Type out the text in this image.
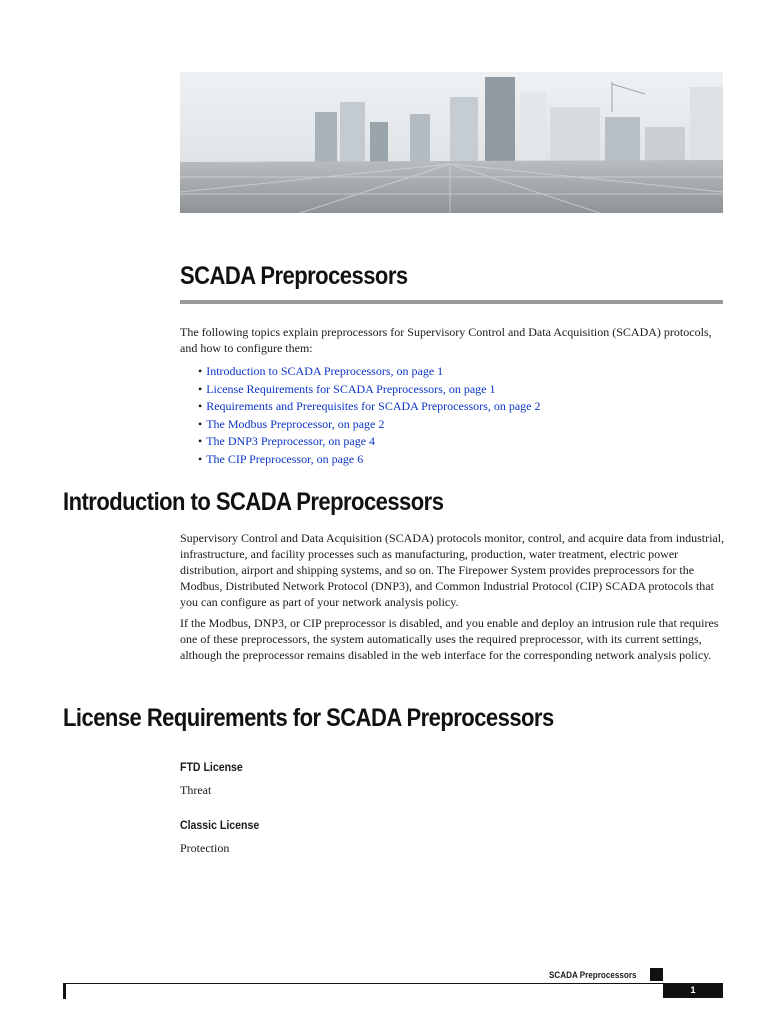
SCADA Preprocessors

The following topics explain preprocessors for Supervisory Control and Data Acquisition (SCADA) protocols, and how to configure them:

• Introduction to SCADA Preprocessors, on page 1
• License Requirements for SCADA Preprocessors, on page 1
• Requirements and Prerequisites for SCADA Preprocessors, on page 2
• The Modbus Preprocessor, on page 2
• The DNP3 Preprocessor, on page 4
• The CIP Preprocessor, on page 6
Introduction to SCADA Preprocessors

Supervisory Control and Data Acquisition (SCADA) protocols monitor, control, and acquire data from industrial, infrastructure, and facility processes such as manufacturing, production, water treatment, electric power distribution, airport and shipping systems, and so on. The Firepower System provides preprocessors for the Modbus, Distributed Network Protocol (DNP3), and Common Industrial Protocol (CIP) SCADA protocols that you can configure as part of your network analysis policy.

If the Modbus, DNP3, or CIP preprocessor is disabled, and you enable and deploy an intrusion rule that requires one of these preprocessors, the system automatically uses the required preprocessor, with its current settings, although the preprocessor remains disabled in the web interface for the corresponding network analysis policy.

License Requirements for SCADA Preprocessors
FTD License

Threat

Classic License

Protection

SCADA Preprocessors
1
